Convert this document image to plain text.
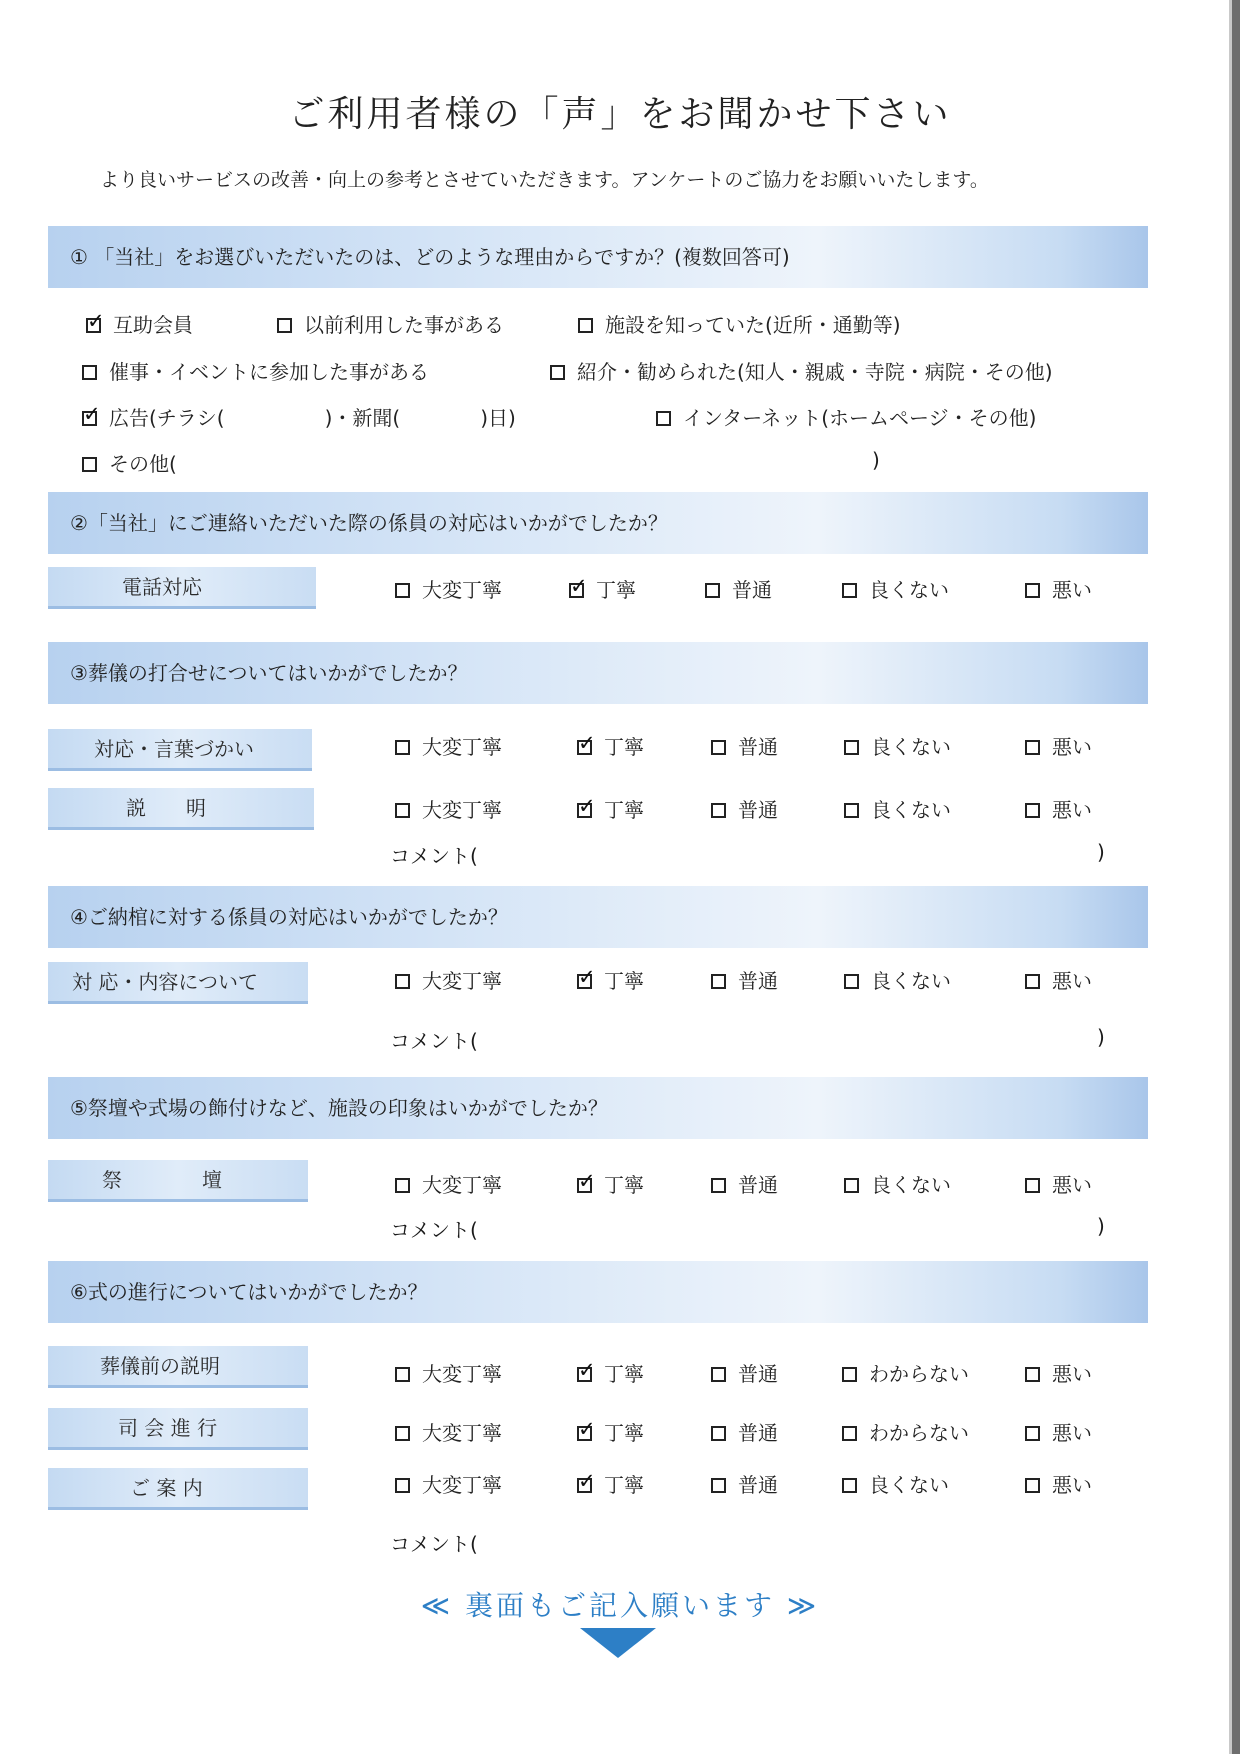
ご利用者様の「声」をお聞かせ下さい
より良いサービスの改善・向上の参考とさせていただきます。アンケートのご協力をお願いいたします。
① 「当社」をお選びいただいたのは、どのような理由からですか？(複数回答可)
✓互助会員	以前利用した事がある	施設を知っていた(近所・通勤等)
催事・イベントに参加した事がある	紹介・勧められた(知人・親戚・寺院・病院・その他)
✓広告(チラシ(　　　　　)・新聞(　　　　)日)	インターネット(ホームページ・その他)
その他(	)
②「当社」にご連絡いただいた際の係員の対応はいかがでしたか？
電話対応	大変丁寧 ✓	丁寧	普通	良くない	悪い
③葬儀の打合せについてはいかがでしたか？
対応・言葉づかい	大変丁寧 ✓	丁寧	普通	良くない	悪い
説　　明	大変丁寧 ✓	丁寧	普通	良くない	悪い
コメント(	)
④ご納棺に対する係員の対応はいかがでしたか？
対 応・内容について	大変丁寧 ✓	丁寧	普通	良くない	悪い
コメント(	)
⑤祭壇や式場の飾付けなど、施設の印象はいかがでしたか？
祭　　　　壇	大変丁寧 ✓	丁寧	普通	良くない	悪い
コメント(	)
⑥式の進行についてはいかがでしたか？
葬儀前の説明	大変丁寧 ✓	丁寧	普通	わからない	悪い
司 会 進 行	大変丁寧 ✓	丁寧	普通	わからない	悪い
ご 案 内	大変丁寧 ✓	丁寧	普通	良くない	悪い
コメント(
≪ 裏面もご記入願います ≫
